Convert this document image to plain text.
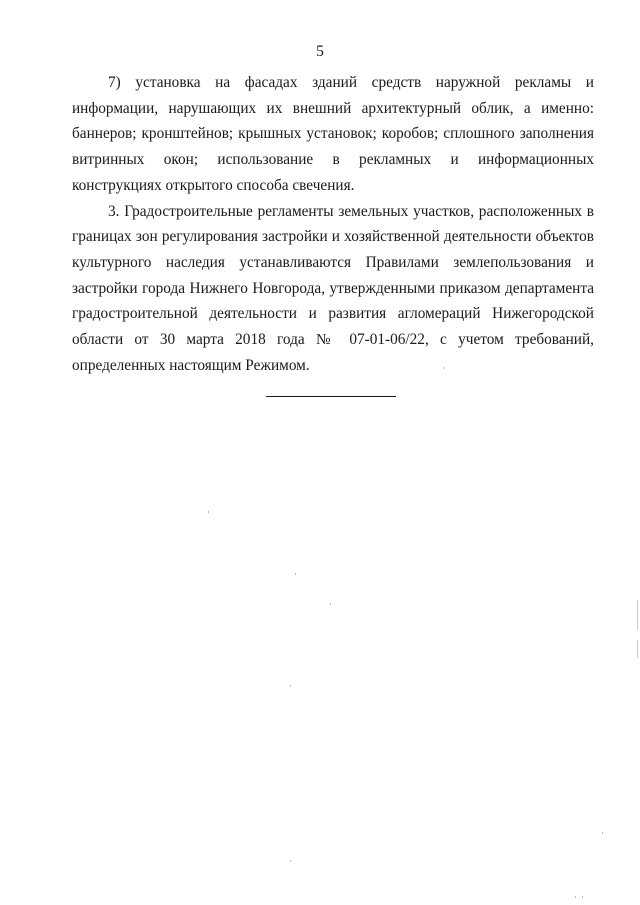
5

7) установка на фасадах зданий средств наружной рекламы и информации, нарушающих их внешний архитектурный облик, а именно: баннеров; кронштейнов; крышных установок; коробов; сплошного заполнения витринных окон; использование в рекламных и информационных конструкциях открытого способа свечения.

3. Градостроительные регламенты земельных участков, расположенных в границах зон регулирования застройки и хозяйственной деятельности объектов культурного наследия устанавливаются Правилами землепользования и застройки города Нижнего Новгорода, утвержденными приказом департамента градостроительной деятельности и развития агломераций Нижегородской области от 30 марта 2018 года № 07-01-06/22, с учетом требований, определенных настоящим Режимом.
